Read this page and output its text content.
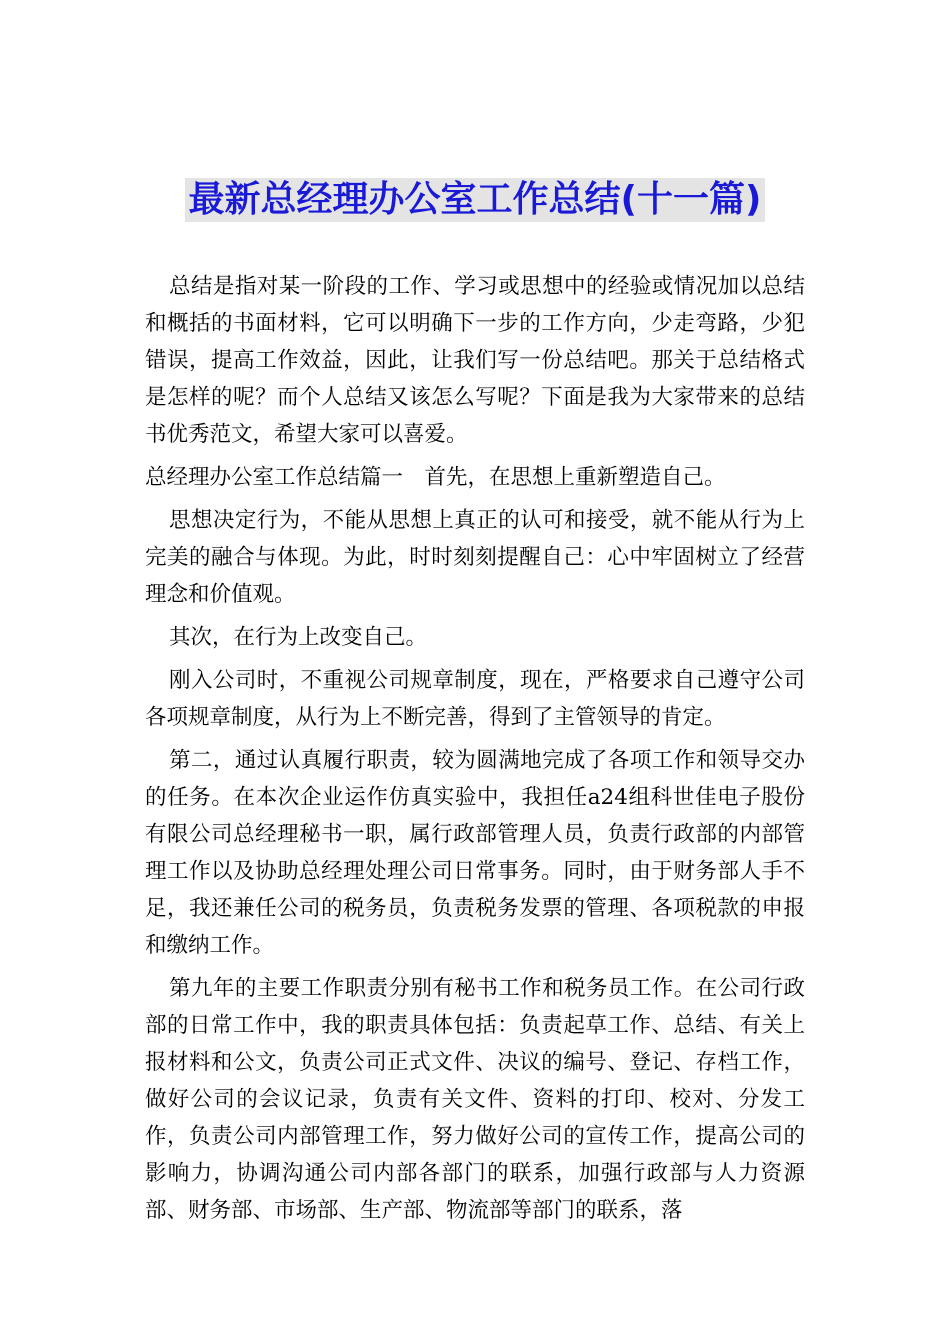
最新总经理办公室工作总结(十一篇)

总结是指对某一阶段的工作、学习或思想中的经验或情况加以总结和概括的书面材料，它可以明确下一步的工作方向，少走弯路，少犯错误，提高工作效益，因此，让我们写一份总结吧。那关于总结格式是怎样的呢？而个人总结又该怎么写呢？下面是我为大家带来的总结书优秀范文，希望大家可以喜爱。

总经理办公室工作总结篇一　首先，在思想上重新塑造自己。

思想决定行为，不能从思想上真正的认可和接受，就不能从行为上完美的融合与体现。为此，时时刻刻提醒自己：心中牢固树立了经营理念和价值观。

其次，在行为上改变自己。

刚入公司时，不重视公司规章制度，现在，严格要求自己遵守公司各项规章制度，从行为上不断完善，得到了主管领导的肯定。

第二，通过认真履行职责，较为圆满地完成了各项工作和领导交办的任务。在本次企业运作仿真实验中，我担任a24组科世佳电子股份有限公司总经理秘书一职，属行政部管理人员，负责行政部的内部管理工作以及协助总经理处理公司日常事务。同时，由于财务部人手不足，我还兼任公司的税务员，负责税务发票的管理、各项税款的申报和缴纳工作。

第九年的主要工作职责分别有秘书工作和税务员工作。在公司行政部的日常工作中，我的职责具体包括：负责起草工作、总结、有关上报材料和公文，负责公司正式文件、决议的编号、登记、存档工作，做好公司的会议记录，负责有关文件、资料的打印、校对、分发工作，负责公司内部管理工作，努力做好公司的宣传工作，提高公司的影响力，协调沟通公司内部各部门的联系，加强行政部与人力资源部、财务部、市场部、生产部、物流部等部门的联系，落
